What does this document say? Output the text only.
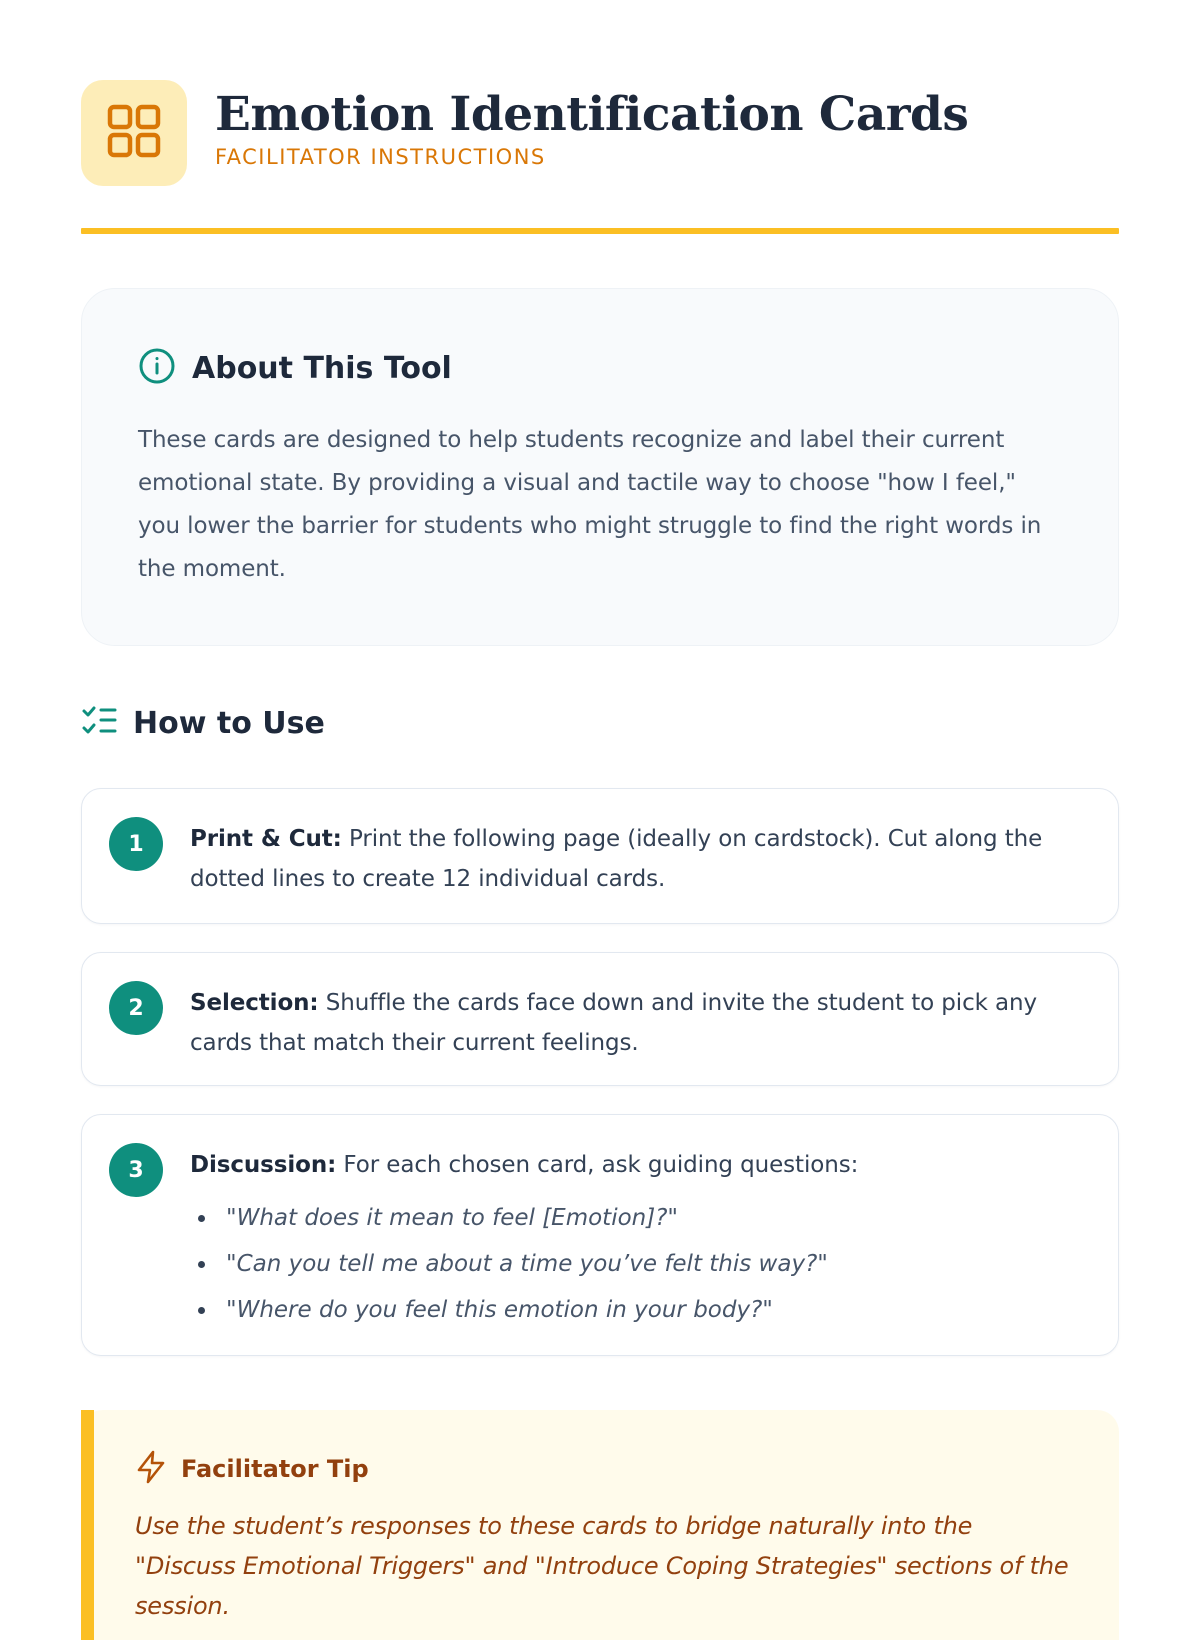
Emotion Identification Cards
FACILITATOR INSTRUCTIONS
About This Tool

These cards are designed to help students recognize and label their current emotional state. By providing a visual and tactile way to choose "how I feel," you lower the barrier for students who might struggle to find the right words in the moment.

How to Use
1	Print & Cut: Print the following page (ideally on cardstock). Cut along the dotted lines to create 12 individual cards.

2	Selection: Shuffle the cards face down and invite the student to pick any cards that match their current feelings.

3	Discussion: For each chosen card, ask guiding questions:

"What does it mean to feel [Emotion]?"
"Can you tell me about a time you’ve felt this way?"
"Where do you feel this emotion in your body?"
Facilitator Tip

Use the student’s responses to these cards to bridge naturally into the "Discuss Emotional Triggers" and "Introduce Coping Strategies" sections of the session.
